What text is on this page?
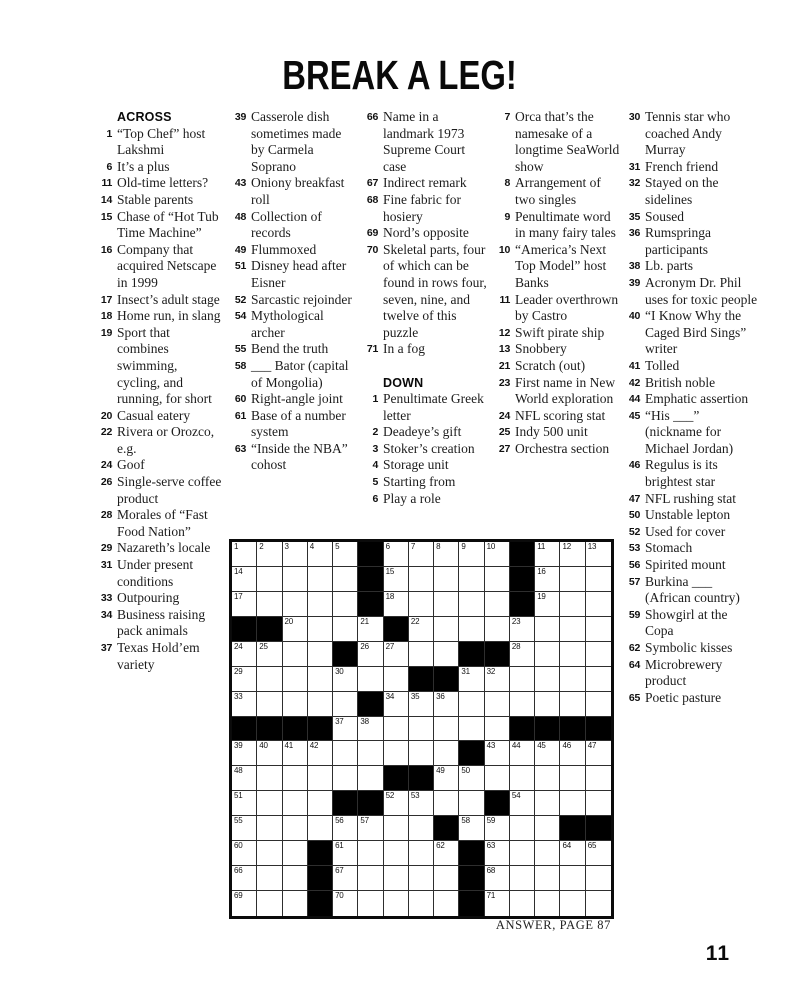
BREAK A LEG!
ACROSS
1 “Top Chef” host Lakshmi
6 It’s a plus
11 Old-time letters?
14 Stable parents
15 Chase of “Hot Tub Time Machine”
16 Company that acquired Netscape in 1999
17 Insect’s adult stage
18 Home run, in slang
19 Sport that combines swimming, cycling, and running, for short
20 Casual eatery
22 Rivera or Orozco, e.g.
24 Goof
26 Single-serve coffee product
28 Morales of “Fast Food Nation”
29 Nazareth’s locale
31 Under present conditions
33 Outpouring
34 Business raising pack animals
37 Texas Hold’em variety
39 Casserole dish sometimes made by Carmela Soprano
43 Oniony breakfast roll
48 Collection of records
49 Flummoxed
51 Disney head after Eisner
52 Sarcastic rejoinder
54 Mythological archer
55 Bend the truth
58 ___ Bator (capital of Mongolia)
60 Right-angle joint
61 Base of a number system
63 “Inside the NBA” cohost
66 Name in a landmark 1973 Supreme Court case
67 Indirect remark
68 Fine fabric for hosiery
69 Nord’s opposite
70 Skeletal parts, four of which can be found in rows four, seven, nine, and twelve of this puzzle
71 In a fog
DOWN
1 Penultimate Greek letter
2 Deadeye’s gift
3 Stoker’s creation
4 Storage unit
5 Starting from
6 Play a role
7 Orca that’s the namesake of a longtime SeaWorld show
8 Arrangement of two singles
9 Penultimate word in many fairy tales
10 “America’s Next Top Model” host Banks
11 Leader overthrown by Castro
12 Swift pirate ship
13 Snobbery
21 Scratch (out)
23 First name in New World exploration
24 NFL scoring stat
25 Indy 500 unit
27 Orchestra section
30 Tennis star who coached Andy Murray
31 French friend
32 Stayed on the sidelines
35 Soused
36 Rumspringa participants
38 Lb. parts
39 Acronym Dr. Phil uses for toxic people
40 “I Know Why the Caged Bird Sings” writer
41 Tolled
42 British noble
44 Emphatic assertion
45 “His ___” (nickname for Michael Jordan)
46 Regulus is its brightest star
47 NFL rushing stat
50 Unstable lepton
52 Used for cover
53 Stomach
56 Spirited mount
57 Burkina ___ (African country)
59 Showgirl at the Copa
62 Symbolic kisses
64 Microbrewery product
65 Poetic pasture
1	2	3	4	5	6	7	8	9	10	11 12 13
14	15	16
17	18	19
20	21	22	23
24 25	26 27	28
29	30	31 32
33	34 35 36
37 38
39 40 41 42	43 44 45 46 47
48	49 50
51	52 53	54
55	56 57	58 59
60	61	62	63	64 65
66	67	68
69	70	71
ANSWER, PAGE 87
11
